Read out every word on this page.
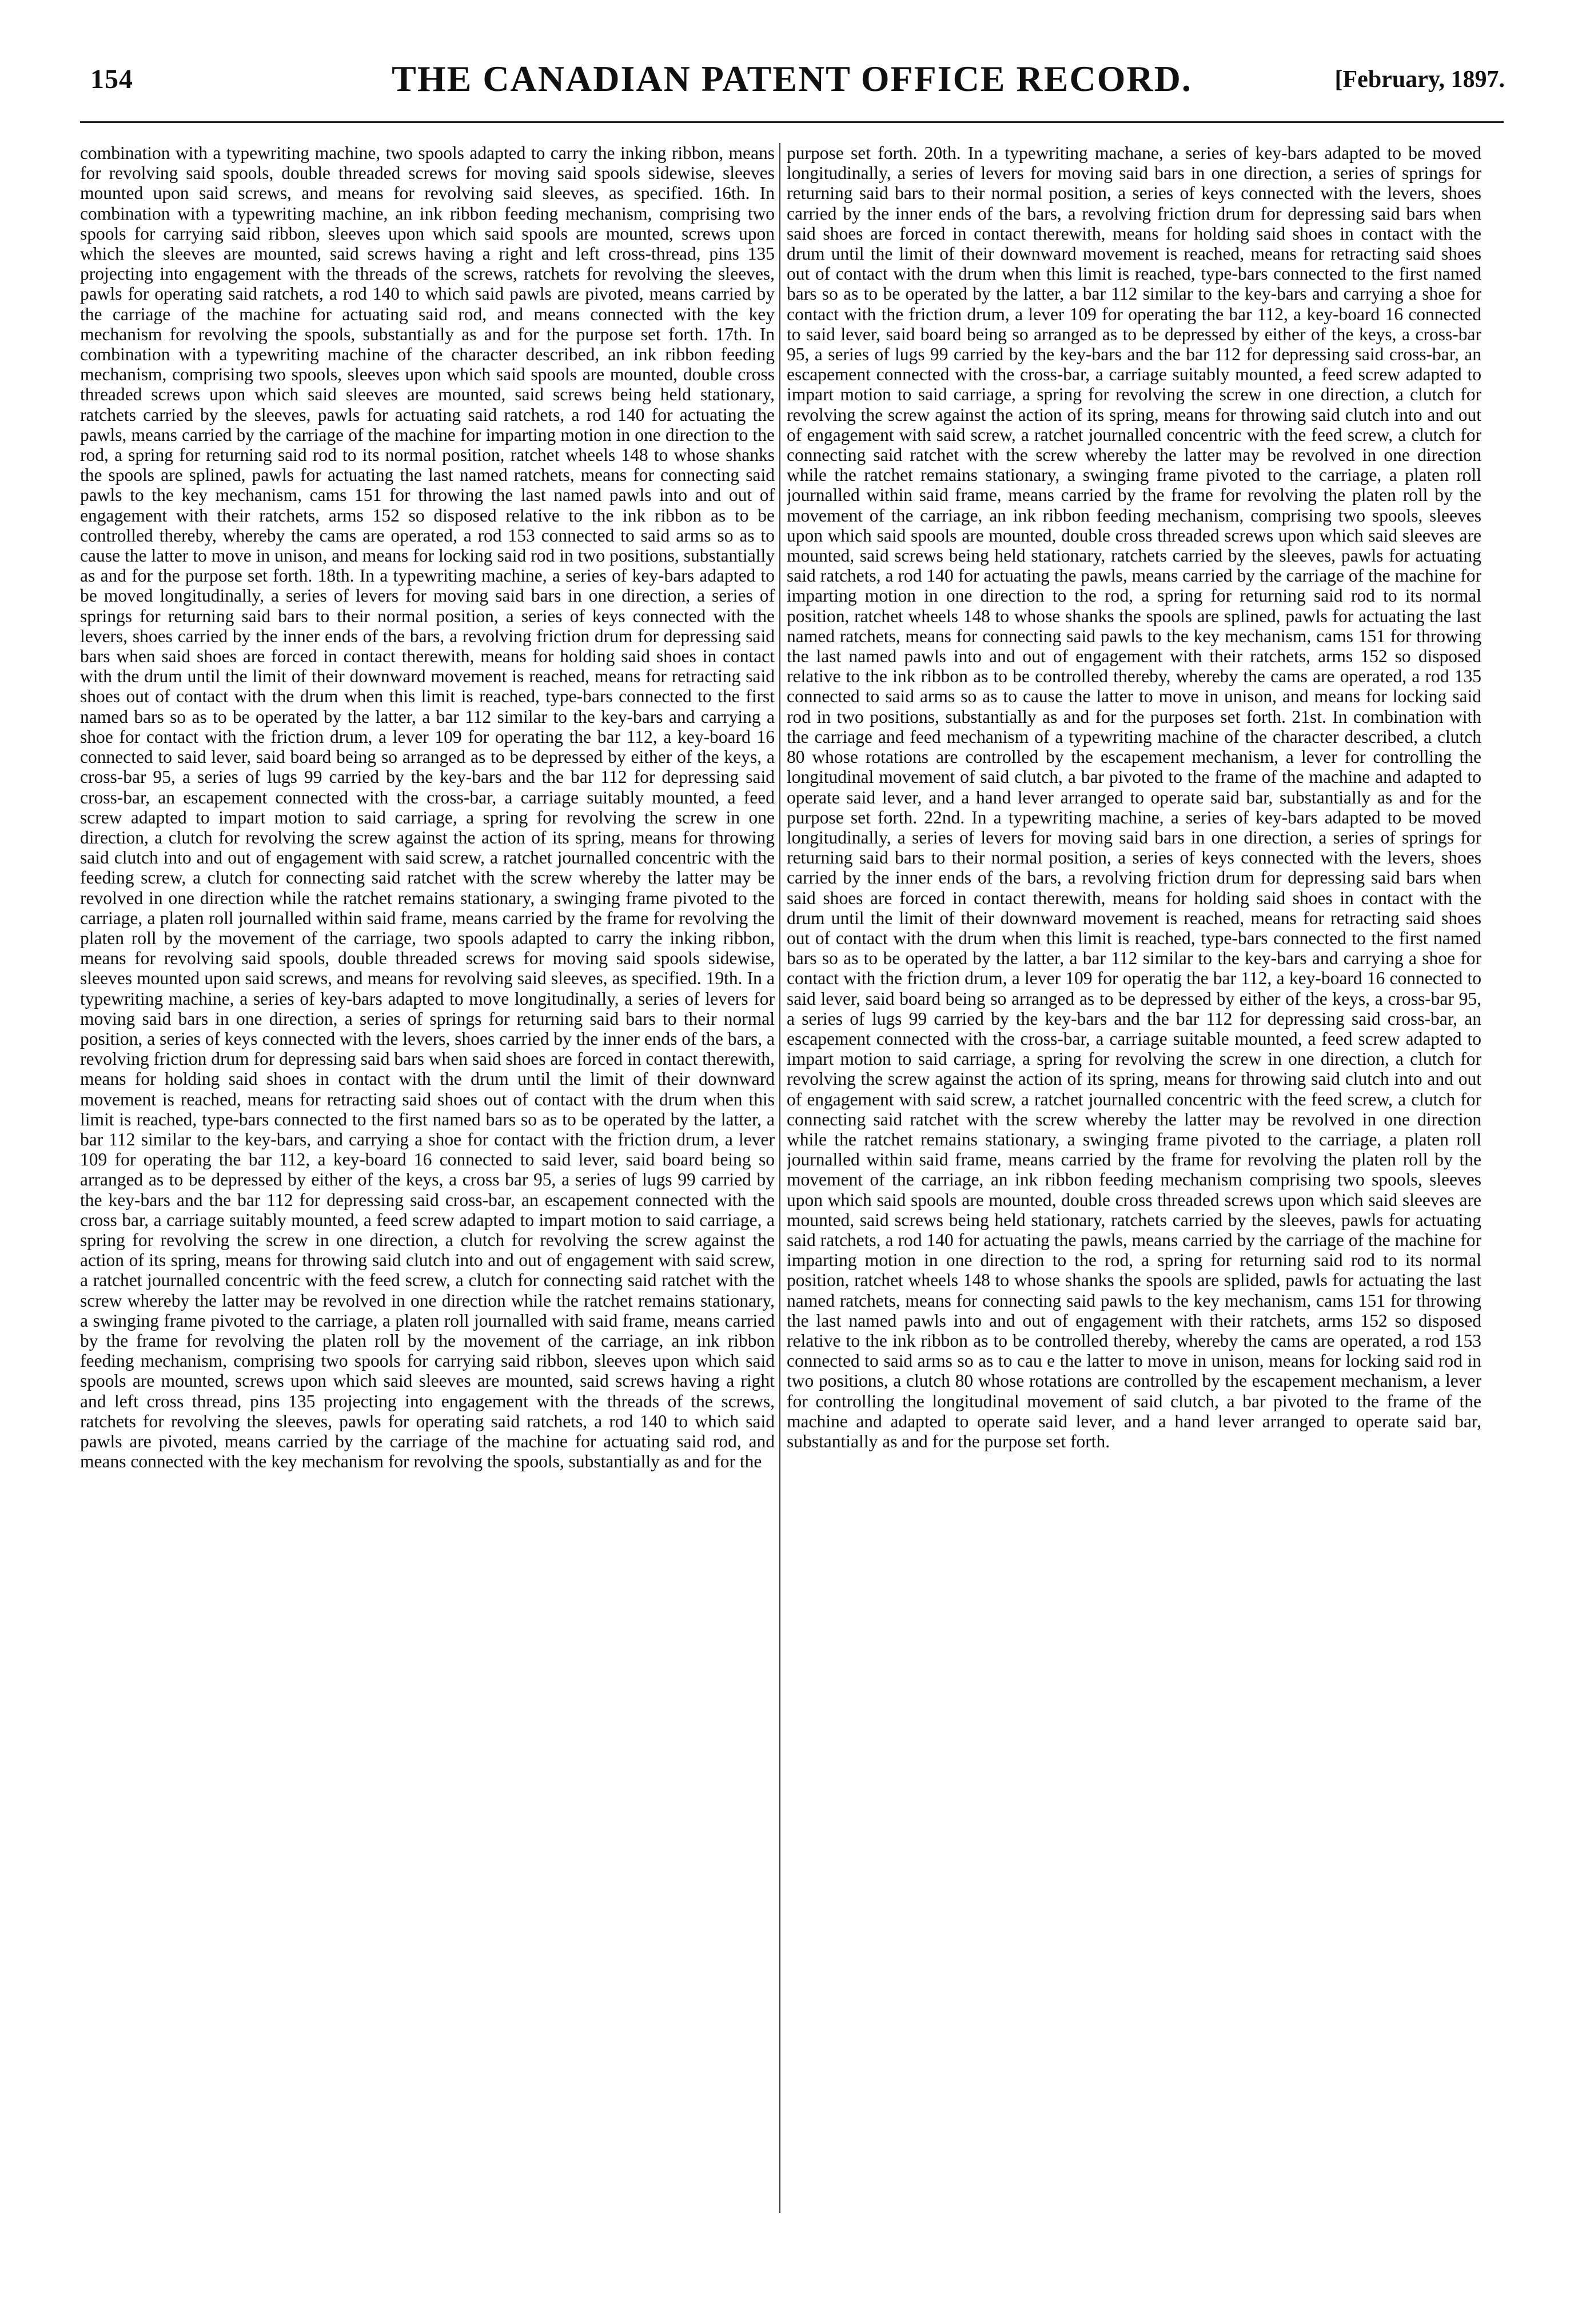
154	THE CANADIAN PATENT OFFICE RECORD.	[February, 1897.

combination with a typewriting machine, two spools adapted to carry the inking ribbon, means for revolving said spools, double threaded screws for moving said spools sidewise, sleeves mounted upon said screws, and means for revolving said sleeves, as specified. 16th. In combination with a typewriting machine, an ink ribbon feeding mechanism, comprising two spools for carrying said ribbon, sleeves upon which said spools are mounted, screws upon which the sleeves are mounted, said screws having a right and left cross-thread, pins 135 projecting into engagement with the threads of the screws, ratchets for revolving the sleeves, pawls for operating said ratchets, a rod 140 to which said pawls are pivoted, means carried by the carriage of the machine for actuating said rod, and means connected with the key mechanism for revolving the spools, substantially as and for the purpose set forth. 17th. In combination with a typewriting machine of the character described, an ink ribbon feeding mechanism, comprising two spools, sleeves upon which said spools are mounted, double cross threaded screws upon which said sleeves are mounted, said screws being held stationary, ratchets carried by the sleeves, pawls for actuating said ratchets, a rod 140 for actuating the pawls, means carried by the carriage of the machine for imparting motion in one direction to the rod, a spring for returning said rod to its normal position, ratchet wheels 148 to whose shanks the spools are splined, pawls for actuating the last named ratchets, means for connecting said pawls to the key mechanism, cams 151 for throwing the last named pawls into and out of engagement with their ratchets, arms 152 so disposed relative to the ink ribbon as to be controlled thereby, whereby the cams are operated, a rod 153 connected to said arms so as to cause the latter to move in unison, and means for locking said rod in two positions, substantially as and for the purpose set forth. 18th. In a typewriting machine, a series of key-bars adapted to be moved longitudinally, a series of levers for moving said bars in one direction, a series of springs for returning said bars to their normal position, a series of keys connected with the levers, shoes carried by the inner ends of the bars, a revolving friction drum for depressing said bars when said shoes are forced in contact therewith, means for holding said shoes in contact with the drum until the limit of their downward movement is reached, means for retracting said shoes out of contact with the drum when this limit is reached, type-bars connected to the first named bars so as to be operated by the latter, a bar 112 similar to the key-bars and carrying a shoe for contact with the friction drum, a lever 109 for operating the bar 112, a key-board 16 connected to said lever, said board being so arranged as to be depressed by either of the keys, a cross-bar 95, a series of lugs 99 carried by the key-bars and the bar 112 for depressing said cross-bar, an escapement connected with the cross-bar, a carriage suitably mounted, a feed screw adapted to impart motion to said carriage, a spring for revolving the screw in one direction, a clutch for revolving the screw against the action of its spring, means for throwing said clutch into and out of engagement with said screw, a ratchet journalled concentric with the feeding screw, a clutch for connecting said ratchet with the screw whereby the latter may be revolved in one direction while the ratchet remains stationary, a swinging frame pivoted to the carriage, a platen roll journalled within said frame, means carried by the frame for revolving the platen roll by the movement of the carriage, two spools adapted to carry the inking ribbon, means for revolving said spools, double threaded screws for moving said spools sidewise, sleeves mounted upon said screws, and means for revolving said sleeves, as specified. 19th. In a typewriting machine, a series of key-bars adapted to move longitudinally, a series of levers for moving said bars in one direction, a series of springs for returning said bars to their normal position, a series of keys connected with the levers, shoes carried by the inner ends of the bars, a revolving friction drum for depressing said bars when said shoes are forced in contact therewith, means for holding said shoes in contact with the drum until the limit of their downward movement is reached, means for retracting said shoes out of contact with the drum when this limit is reached, type-bars connected to the first named bars so as to be operated by the latter, a bar 112 similar to the key-bars, and carrying a shoe for contact with the friction drum, a lever 109 for operating the bar 112, a key-board 16 connected to said lever, said board being so arranged as to be depressed by either of the keys, a cross bar 95, a series of lugs 99 carried by the key-bars and the bar 112 for depressing said cross-bar, an escapement connected with the cross bar, a carriage suitably mounted, a feed screw adapted to impart motion to said carriage, a spring for revolving the screw in one direction, a clutch for revolving the screw against the action of its spring, means for throwing said clutch into and out of engagement with said screw, a ratchet journalled concentric with the feed screw, a clutch for connecting said ratchet with the screw whereby the latter may be revolved in one direction while the ratchet remains stationary, a swinging frame pivoted to the carriage, a platen roll journalled with said frame, means carried by the frame for revolving the platen roll by the movement of the carriage, an ink ribbon feeding mechanism, comprising two spools for carrying said ribbon, sleeves upon which said spools are mounted, screws upon which said sleeves are mounted, said screws having a right and left cross thread, pins 135 projecting into engagement with the threads of the screws, ratchets for revolving the sleeves, pawls for operating said ratchets, a rod 140 to which said pawls are pivoted, means carried by the carriage of the machine for actuating said rod, and means connected with the key mechanism for revolving the spools, substantially as and for the

purpose set forth. 20th. In a typewriting machane, a series of key-bars adapted to be moved longitudinally, a series of levers for moving said bars in one direction, a series of springs for returning said bars to their normal position, a series of keys connected with the levers, shoes carried by the inner ends of the bars, a revolving friction drum for depressing said bars when said shoes are forced in contact therewith, means for holding said shoes in contact with the drum until the limit of their downward movement is reached, means for retracting said shoes out of contact with the drum when this limit is reached, type-bars connected to the first named bars so as to be operated by the latter, a bar 112 similar to the key-bars and carrying a shoe for contact with the friction drum, a lever 109 for operating the bar 112, a key-board 16 connected to said lever, said board being so arranged as to be depressed by either of the keys, a cross-bar 95, a series of lugs 99 carried by the key-bars and the bar 112 for depressing said cross-bar, an escapement connected with the cross-bar, a carriage suitably mounted, a feed screw adapted to impart motion to said carriage, a spring for revolving the screw in one direction, a clutch for revolving the screw against the action of its spring, means for throwing said clutch into and out of engagement with said screw, a ratchet journalled concentric with the feed screw, a clutch for connecting said ratchet with the screw whereby the latter may be revolved in one direction while the ratchet remains stationary, a swinging frame pivoted to the carriage, a platen roll journalled within said frame, means carried by the frame for revolving the platen roll by the movement of the carriage, an ink ribbon feeding mechanism, comprising two spools, sleeves upon which said spools are mounted, double cross threaded screws upon which said sleeves are mounted, said screws being held stationary, ratchets carried by the sleeves, pawls for actuating said ratchets, a rod 140 for actuating the pawls, means carried by the carriage of the machine for imparting motion in one direction to the rod, a spring for returning said rod to its normal position, ratchet wheels 148 to whose shanks the spools are splined, pawls for actuating the last named ratchets, means for connecting said pawls to the key mechanism, cams 151 for throwing the last named pawls into and out of engagement with their ratchets, arms 152 so disposed relative to the ink ribbon as to be controlled thereby, whereby the cams are operated, a rod 135 connected to said arms so as to cause the latter to move in unison, and means for locking said rod in two positions, substantially as and for the purposes set forth. 21st. In combination with the carriage and feed mechanism of a typewriting machine of the character described, a clutch 80 whose rotations are controlled by the escapement mechanism, a lever for controlling the longitudinal movement of said clutch, a bar pivoted to the frame of the machine and adapted to operate said lever, and a hand lever arranged to operate said bar, substantially as and for the purpose set forth. 22nd. In a typewriting machine, a series of key-bars adapted to be moved longitudinally, a series of levers for moving said bars in one direction, a series of springs for returning said bars to their normal position, a series of keys connected with the levers, shoes carried by the inner ends of the bars, a revolving friction drum for depressing said bars when said shoes are forced in contact therewith, means for holding said shoes in contact with the drum until the limit of their downward movement is reached, means for retracting said shoes out of contact with the drum when this limit is reached, type-bars connected to the first named bars so as to be operated by the latter, a bar 112 similar to the key-bars and carrying a shoe for contact with the friction drum, a lever 109 for operatig the bar 112, a key-board 16 connected to said lever, said board being so arranged as to be depressed by either of the keys, a cross-bar 95, a series of lugs 99 carried by the key-bars and the bar 112 for depressing said cross-bar, an escapement connected with the cross-bar, a carriage suitable mounted, a feed screw adapted to impart motion to said carriage, a spring for revolving the screw in one direction, a clutch for revolving the screw against the action of its spring, means for throwing said clutch into and out of engagement with said screw, a ratchet journalled concentric with the feed screw, a clutch for connecting said ratchet with the screw whereby the latter may be revolved in one direction while the ratchet remains stationary, a swinging frame pivoted to the carriage, a platen roll journalled within said frame, means carried by the frame for revolving the platen roll by the movement of the carriage, an ink ribbon feeding mechanism comprising two spools, sleeves upon which said spools are mounted, double cross threaded screws upon which said sleeves are mounted, said screws being held stationary, ratchets carried by the sleeves, pawls for actuating said ratchets, a rod 140 for actuating the pawls, means carried by the carriage of the machine for imparting motion in one direction to the rod, a spring for returning said rod to its normal position, ratchet wheels 148 to whose shanks the spools are splided, pawls for actuating the last named ratchets, means for connecting said pawls to the key mechanism, cams 151 for throwing the last named pawls into and out of engagement with their ratchets, arms 152 so disposed relative to the ink ribbon as to be controlled thereby, whereby the cams are operated, a rod 153 connected to said arms so as to cau e the latter to move in unison, means for locking said rod in two positions, a clutch 80 whose rotations are controlled by the escapement mechanism, a lever for controlling the longitudinal movement of said clutch, a bar pivoted to the frame of the machine and adapted to operate said lever, and a hand lever arranged to operate said bar, substantially as and for the purpose set forth.
